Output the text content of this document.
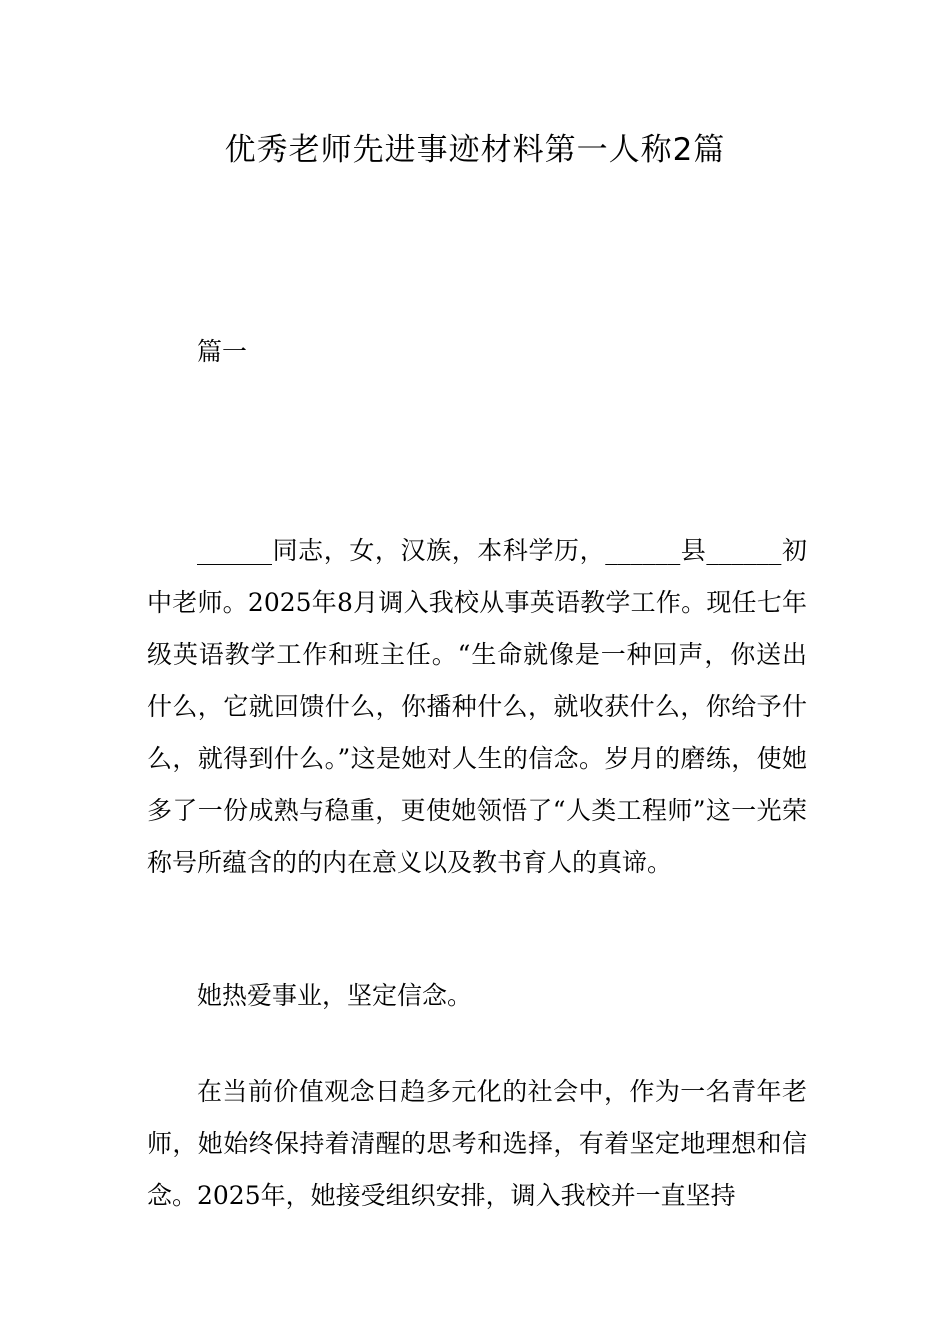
优秀老师先进事迹材料第一人称2篇

篇一

______同志，女，汉族，本科学历，______县______初中老师。2025年8月调入我校从事英语教学工作。现任七年级英语教学工作和班主任。“生命就像是一种回声，你送出什么，它就回馈什么，你播种什么，就收获什么，你给予什么，就得到什么。”这是她对人生的信念。岁月的磨练，使她多了一份成熟与稳重，更使她领悟了“人类工程师”这一光荣称号所蕴含的的内在意义以及教书育人的真谛。

她热爱事业，坚定信念。

在当前价值观念日趋多元化的社会中，作为一名青年老师，她始终保持着清醒的思考和选择，有着坚定地理想和信念。2025年，她接受组织安排，调入我校并一直坚持
